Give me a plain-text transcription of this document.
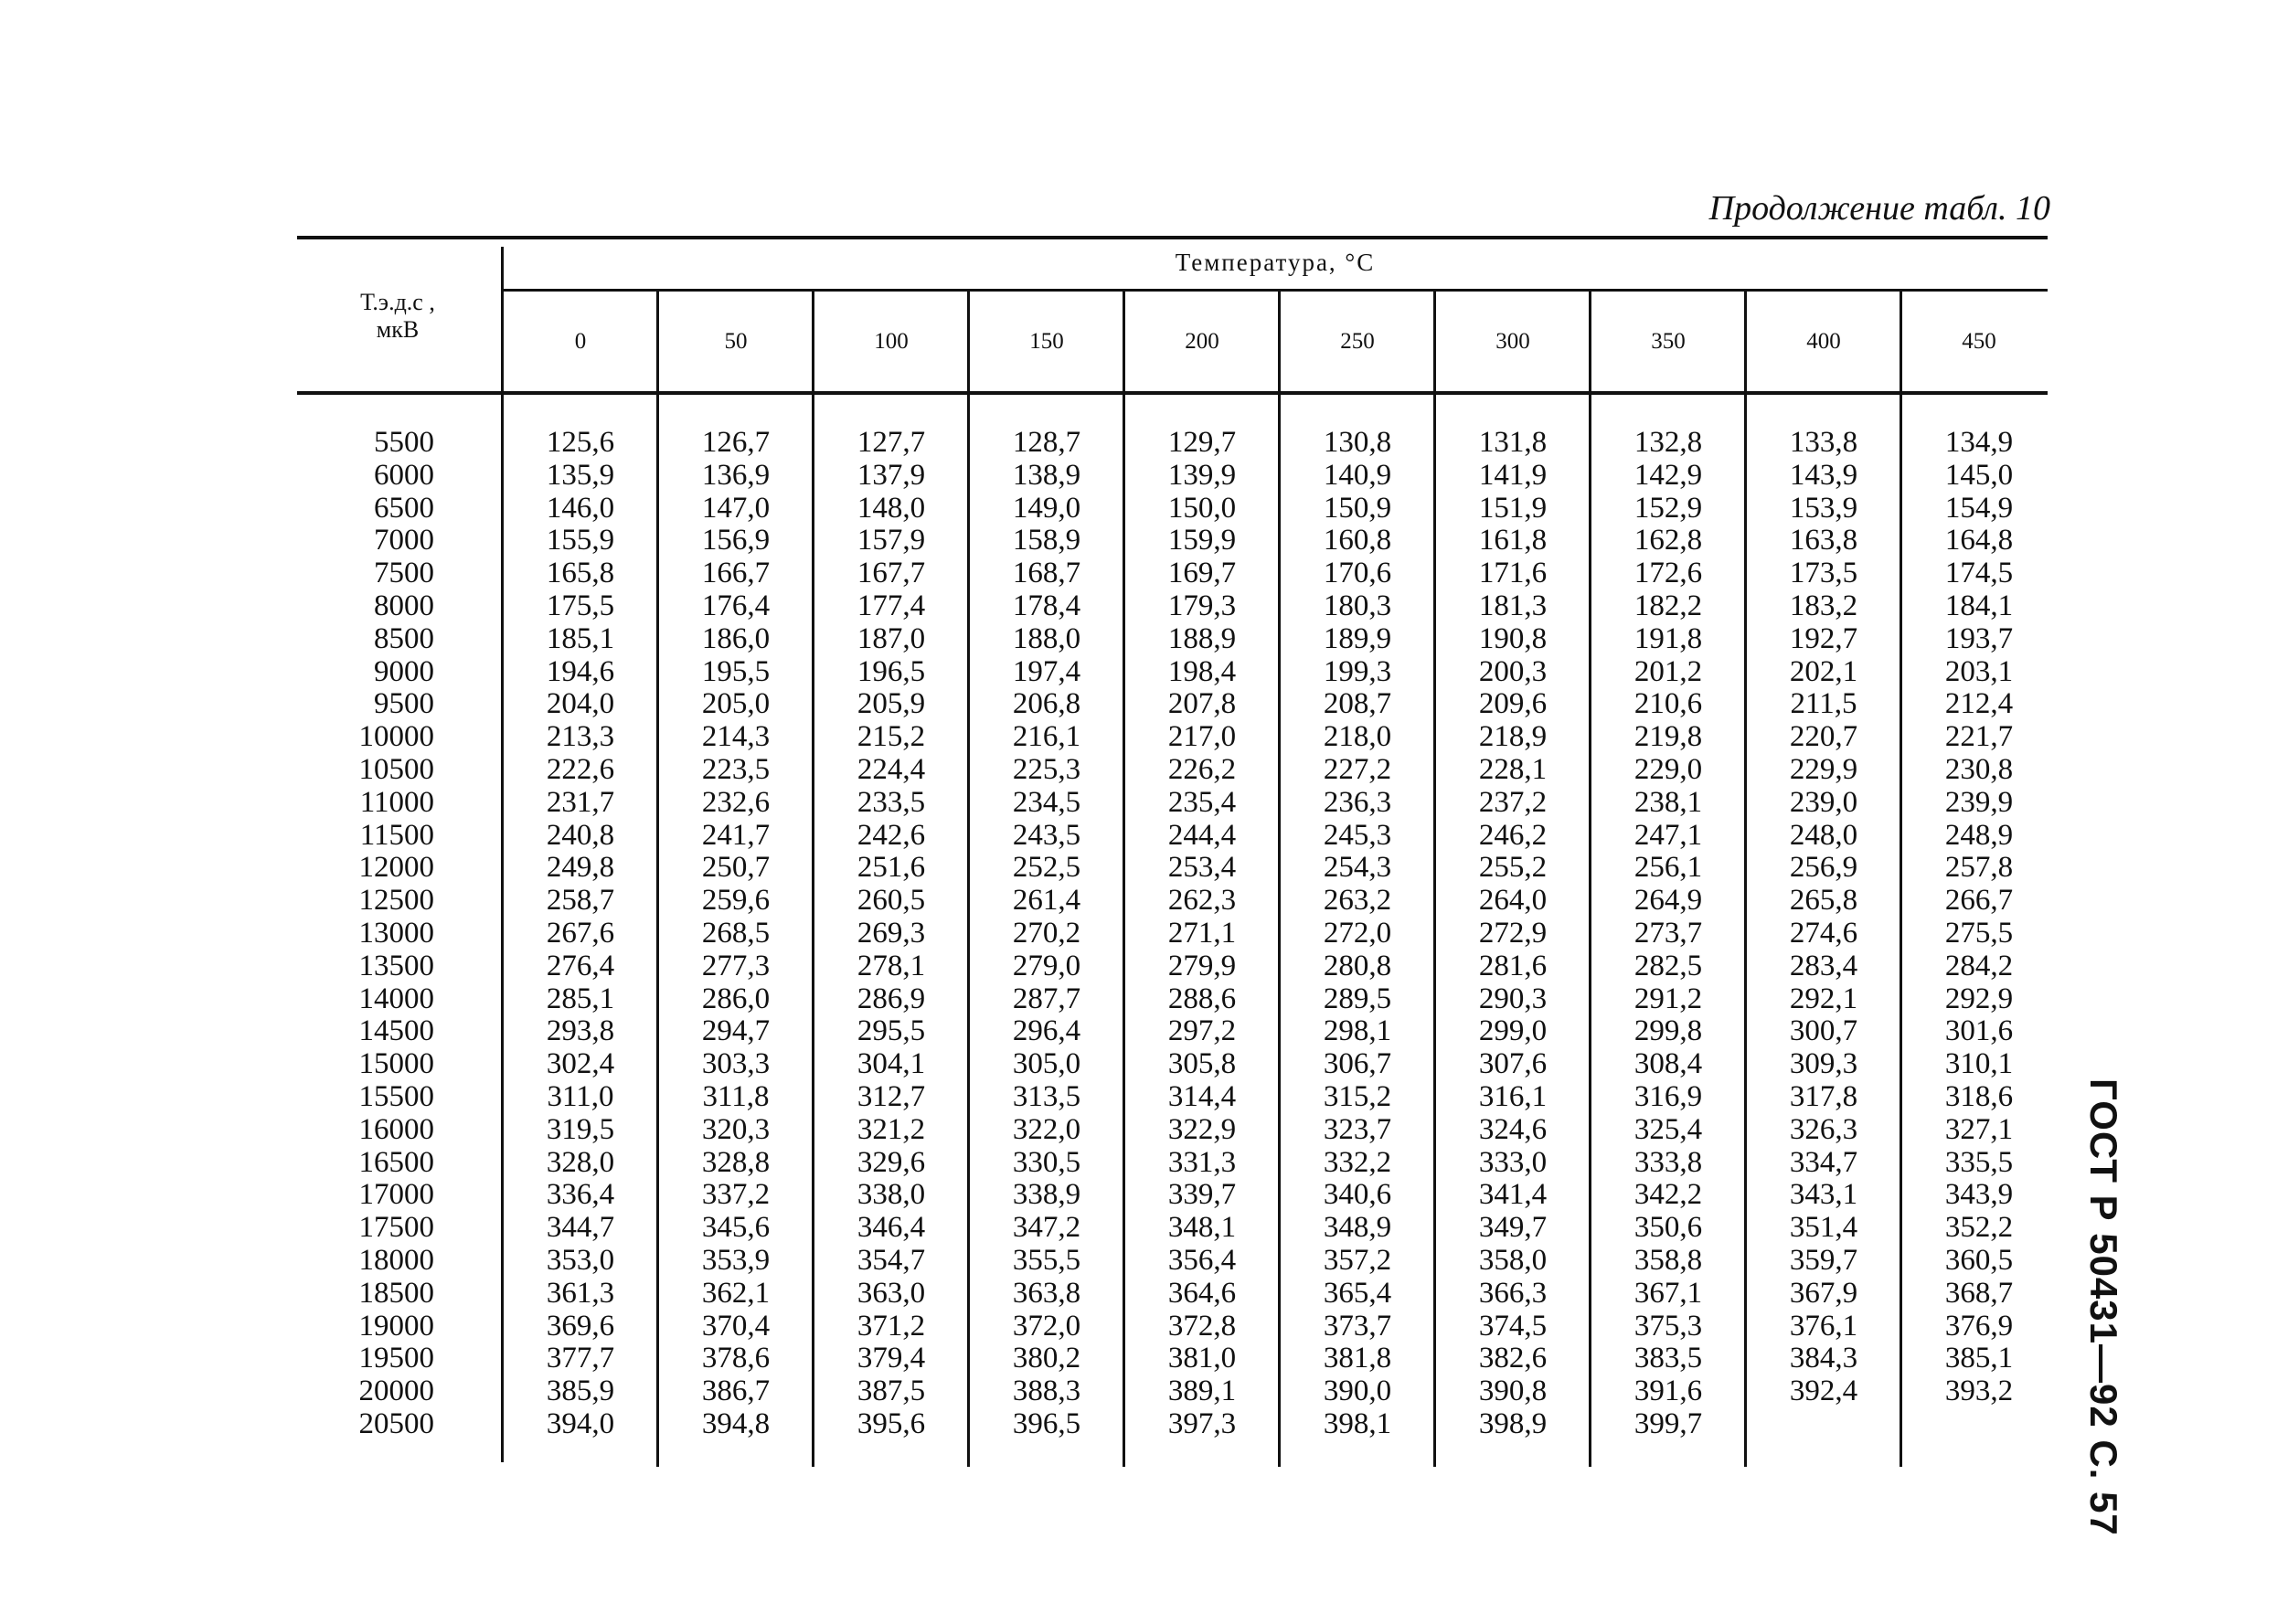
Продолжение табл. 10
ГОСТ Р 50431—92 С. 57
Т.э.д.с ,
мкВ
Температура, °С
0	50	100	150	200	250	300	350	400	450
5500	125,6	126,7	127,7	128,7	129,7	130,8	131,8	132,8	133,8	134,9
6000	135,9	136,9	137,9	138,9	139,9	140,9	141,9	142,9	143,9	145,0
6500	146,0	147,0	148,0	149,0	150,0	150,9	151,9	152,9	153,9	154,9
7000	155,9	156,9	157,9	158,9	159,9	160,8	161,8	162,8	163,8	164,8
7500	165,8	166,7	167,7	168,7	169,7	170,6	171,6	172,6	173,5	174,5
8000	175,5	176,4	177,4	178,4	179,3	180,3	181,3	182,2	183,2	184,1
8500	185,1	186,0	187,0	188,0	188,9	189,9	190,8	191,8	192,7	193,7
9000	194,6	195,5	196,5	197,4	198,4	199,3	200,3	201,2	202,1	203,1
9500	204,0	205,0	205,9	206,8	207,8	208,7	209,6	210,6	211,5	212,4
10000	213,3	214,3	215,2	216,1	217,0	218,0	218,9	219,8	220,7	221,7
10500	222,6	223,5	224,4	225,3	226,2	227,2	228,1	229,0	229,9	230,8
11000	231,7	232,6	233,5	234,5	235,4	236,3	237,2	238,1	239,0	239,9
11500	240,8	241,7	242,6	243,5	244,4	245,3	246,2	247,1	248,0	248,9
12000	249,8	250,7	251,6	252,5	253,4	254,3	255,2	256,1	256,9	257,8
12500	258,7	259,6	260,5	261,4	262,3	263,2	264,0	264,9	265,8	266,7
13000	267,6	268,5	269,3	270,2	271,1	272,0	272,9	273,7	274,6	275,5
13500	276,4	277,3	278,1	279,0	279,9	280,8	281,6	282,5	283,4	284,2
14000	285,1	286,0	286,9	287,7	288,6	289,5	290,3	291,2	292,1	292,9
14500	293,8	294,7	295,5	296,4	297,2	298,1	299,0	299,8	300,7	301,6
15000	302,4	303,3	304,1	305,0	305,8	306,7	307,6	308,4	309,3	310,1
15500	311,0	311,8	312,7	313,5	314,4	315,2	316,1	316,9	317,8	318,6
16000	319,5	320,3	321,2	322,0	322,9	323,7	324,6	325,4	326,3	327,1
16500	328,0	328,8	329,6	330,5	331,3	332,2	333,0	333,8	334,7	335,5
17000	336,4	337,2	338,0	338,9	339,7	340,6	341,4	342,2	343,1	343,9
17500	344,7	345,6	346,4	347,2	348,1	348,9	349,7	350,6	351,4	352,2
18000	353,0	353,9	354,7	355,5	356,4	357,2	358,0	358,8	359,7	360,5
18500	361,3	362,1	363,0	363,8	364,6	365,4	366,3	367,1	367,9	368,7
19000	369,6	370,4	371,2	372,0	372,8	373,7	374,5	375,3	376,1	376,9
19500	377,7	378,6	379,4	380,2	381,0	381,8	382,6	383,5	384,3	385,1
20000	385,9	386,7	387,5	388,3	389,1	390,0	390,8	391,6	392,4	393,2
20500	394,0	394,8	395,6	396,5	397,3	398,1	398,9	399,7
